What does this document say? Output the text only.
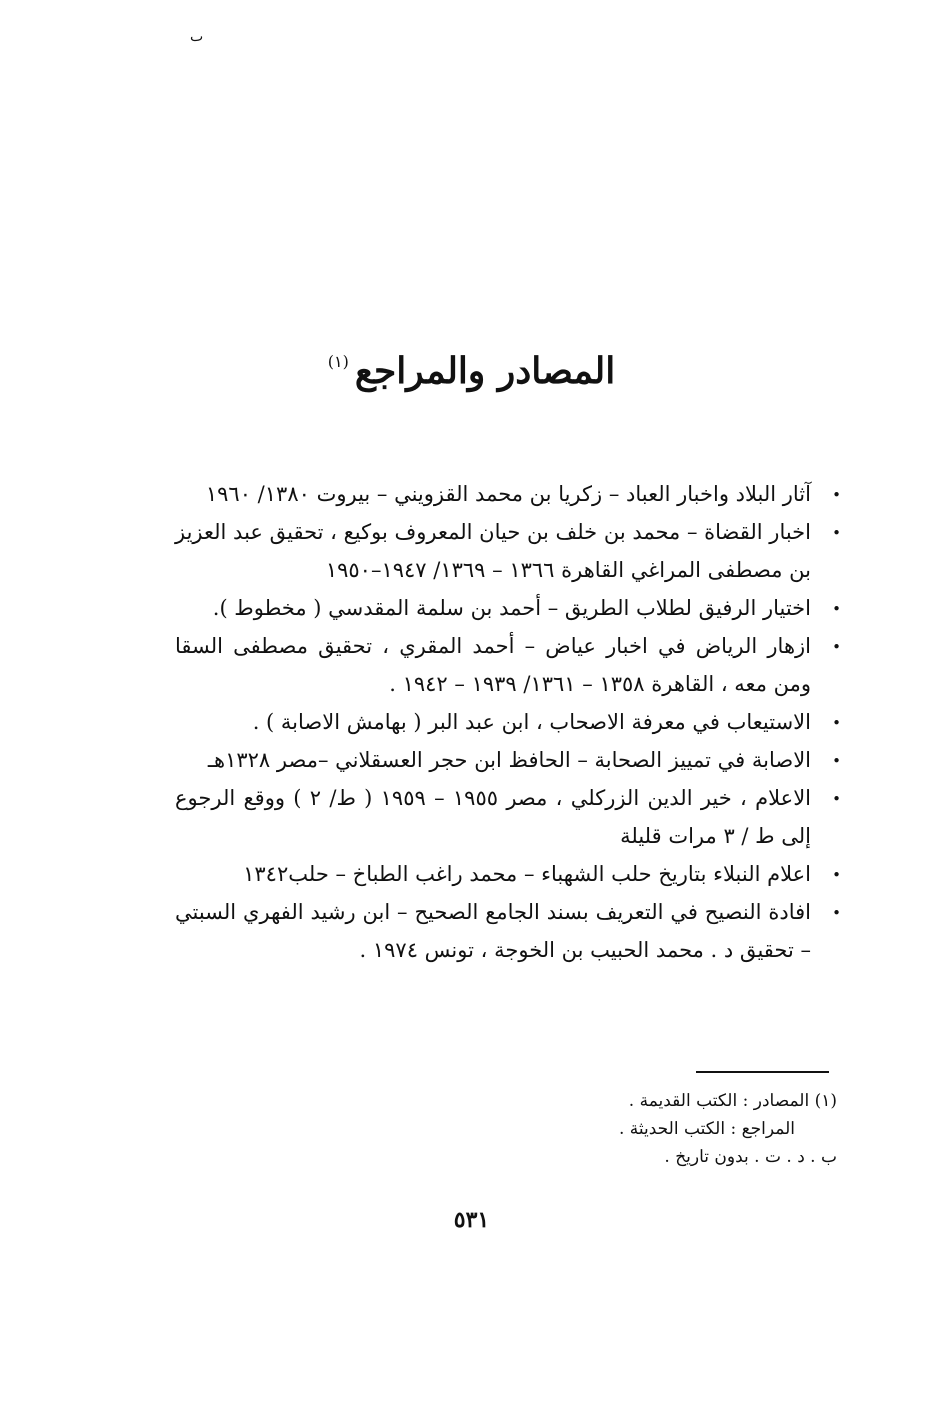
ٮ
المصادر والمراجع$^{(١)}$
•
آثار البلاد واخبار العباد – زكريا بن محمد القزويني – بيروت ١٣٨٠/ ١٩٦٠
•
اخبار القضاة – محمد بن خلف بن حيان المعروف بوكيع ، تحقيق عبد العزيز بن مصطفى المراغي القاهرة ١٣٦٦ – ١٣٦٩/ ١٩٤٧–١٩٥٠
•
اختيار الرفيق لطلاب الطريق – أحمد بن سلمة المقدسي ( مخطوط ).
•
ازهار الرياض في اخبار عياض – أحمد المقري ، تحقيق مصطفى السقا ومن معه ، القاهرة ١٣٥٨ – ١٣٦١/ ١٩٣٩ – ١٩٤٢ .
•
الاستيعاب في معرفة الاصحاب ، ابن عبد البر ( بهامش الاصابة ) .
•
الاصابة في تمييز الصحابة – الحافظ ابن حجر العسقلاني –مصر ١٣٢٨هـ
•
الاعلام ، خير الدين الزركلي ، مصر ١٩٥٥ – ١٩٥٩ ( ط/ ٢ ) ووقع الرجوع إلى ط / ٣ مرات قليلة
•
اعلام النبلاء بتاريخ حلب الشهباء – محمد راغب الطباخ – حلب١٣٤٢
•
افادة النصيح في التعريف بسند الجامع الصحيح – ابن رشيد الفهري السبتي – تحقيق د . محمد الحبيب بن الخوجة ، تونس ١٩٧٤ .
(١) المصادر : الكتب القديمة .
المراجع : الكتب الحديثة .
ب . د . ت . بدون تاريخ .
٥٣١
